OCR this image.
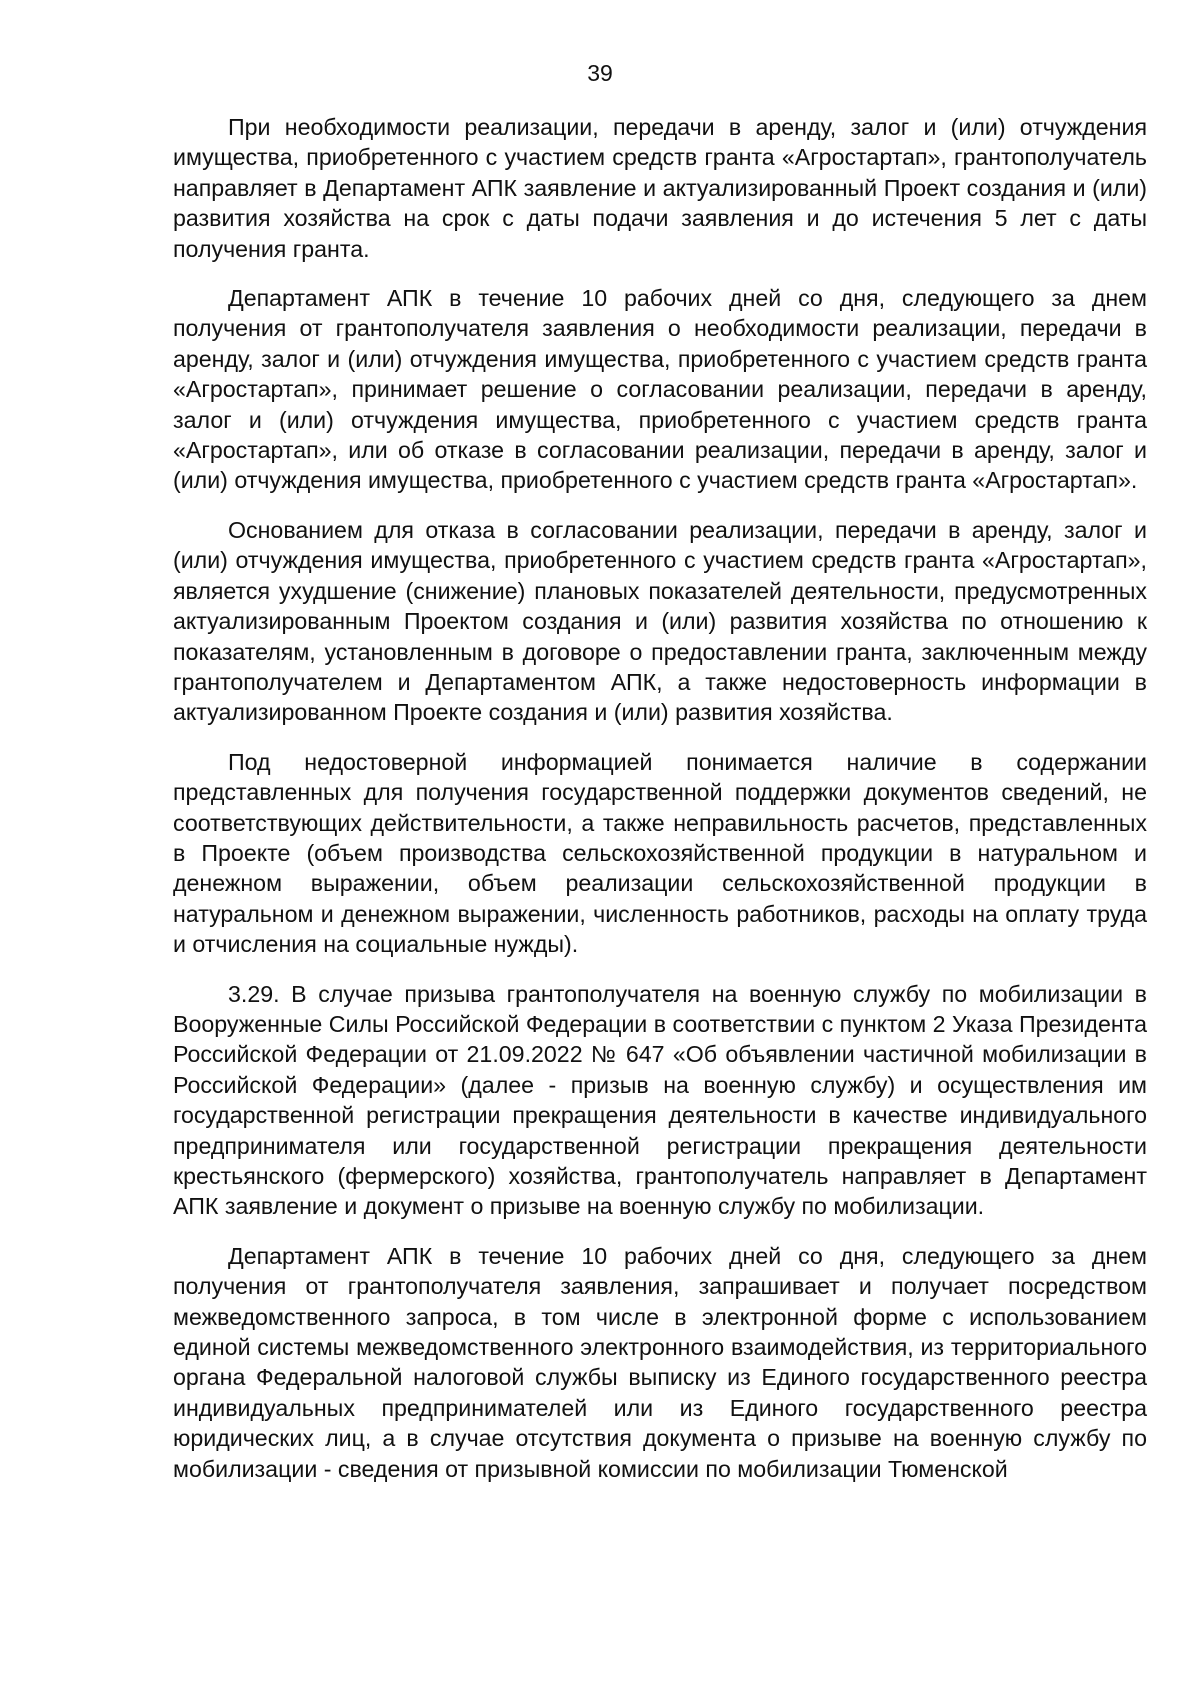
39

При необходимости реализации, передачи в аренду, залог и (или) отчуждения имущества, приобретенного с участием средств гранта «Агростартап», грантополучатель направляет в Департамент АПК заявление и актуализированный Проект создания и (или) развития хозяйства на срок с даты подачи заявления и до истечения 5 лет с даты получения гранта.

Департамент АПК в течение 10 рабочих дней со дня, следующего за днем получения от грантополучателя заявления о необходимости реализации, передачи в аренду, залог и (или) отчуждения имущества, приобретенного с участием средств гранта «Агростартап», принимает решение о согласовании реализации, передачи в аренду, залог и (или) отчуждения имущества, приобретенного с участием средств гранта «Агростартап», или об отказе в согласовании реализации, передачи в аренду, залог и (или) отчуждения имущества, приобретенного с участием средств гранта «Агростартап».

Основанием для отказа в согласовании реализации, передачи в аренду, залог и (или) отчуждения имущества, приобретенного с участием средств гранта «Агростартап», является ухудшение (снижение) плановых показателей деятельности, предусмотренных актуализированным Проектом создания и (или) развития хозяйства по отношению к показателям, установленным в договоре о предоставлении гранта, заключенным между грантополучателем и Департаментом АПК, а также недостоверность информации в актуализированном Проекте создания и (или) развития хозяйства.

Под недостоверной информацией понимается наличие в содержании представленных для получения государственной поддержки документов сведений, не соответствующих действительности, а также неправильность расчетов, представленных в Проекте (объем производства сельскохозяйственной продукции в натуральном и денежном выражении, объем реализации сельскохозяйственной продукции в натуральном и денежном выражении, численность работников, расходы на оплату труда и отчисления на социальные нужды).

3.29. В случае призыва грантополучателя на военную службу по мобилизации в Вооруженные Силы Российской Федерации в соответствии с пунктом 2 Указа Президента Российской Федерации от 21.09.2022 № 647 «Об объявлении частичной мобилизации в Российской Федерации» (далее - призыв на военную службу) и осуществления им государственной регистрации прекращения деятельности в качестве индивидуального предпринимателя или государственной регистрации прекращения деятельности крестьянского (фермерского) хозяйства, грантополучатель направляет в Департамент АПК заявление и документ о призыве на военную службу по мобилизации.

Департамент АПК в течение 10 рабочих дней со дня, следующего за днем получения от грантополучателя заявления, запрашивает и получает посредством межведомственного запроса, в том числе в электронной форме с использованием единой системы межведомственного электронного взаимодействия, из территориального органа Федеральной налоговой службы выписку из Единого государственного реестра индивидуальных предпринимателей или из Единого государственного реестра юридических лиц, а в случае отсутствия документа о призыве на военную службу по мобилизации - сведения от призывной комиссии по мобилизации Тюменской
